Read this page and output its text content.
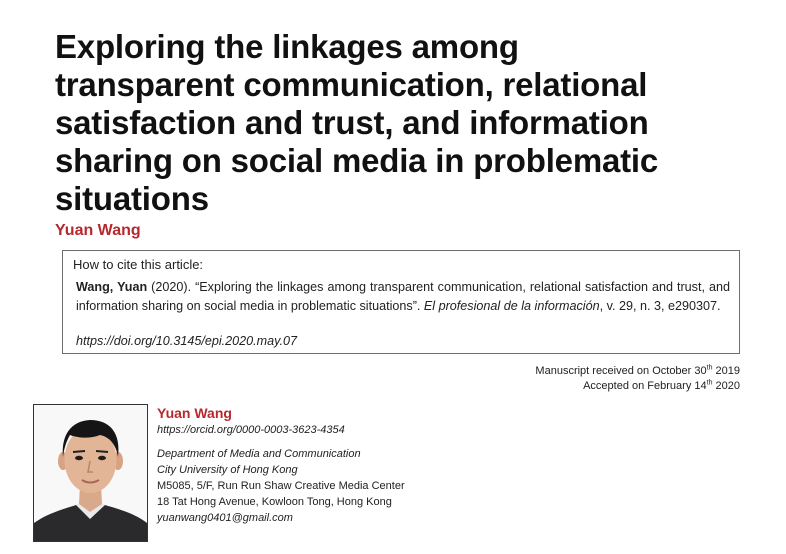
Exploring the linkages among
transparent communication, relational
satisfaction and trust, and information
sharing on social media in problematic
situations
Yuan Wang
How to cite this article:
Wang, Yuan (2020). “Exploring the linkages among transparent communication, relational satisfaction and trust, and information sharing on social media in problematic situations”. El profesional de la información, v. 29, n. 3, e290307.
https://doi.org/10.3145/epi.2020.may.07
Manuscript received on October 30th 2019
Accepted on February 14th 2020
Yuan Wang
https://orcid.org/0000-0003-3623-4354
Department of Media and Communication
City University of Hong Kong
M5085, 5/F, Run Run Shaw Creative Media Center
18 Tat Hong Avenue, Kowloon Tong, Hong Kong
yuanwang0401@gmail.com
